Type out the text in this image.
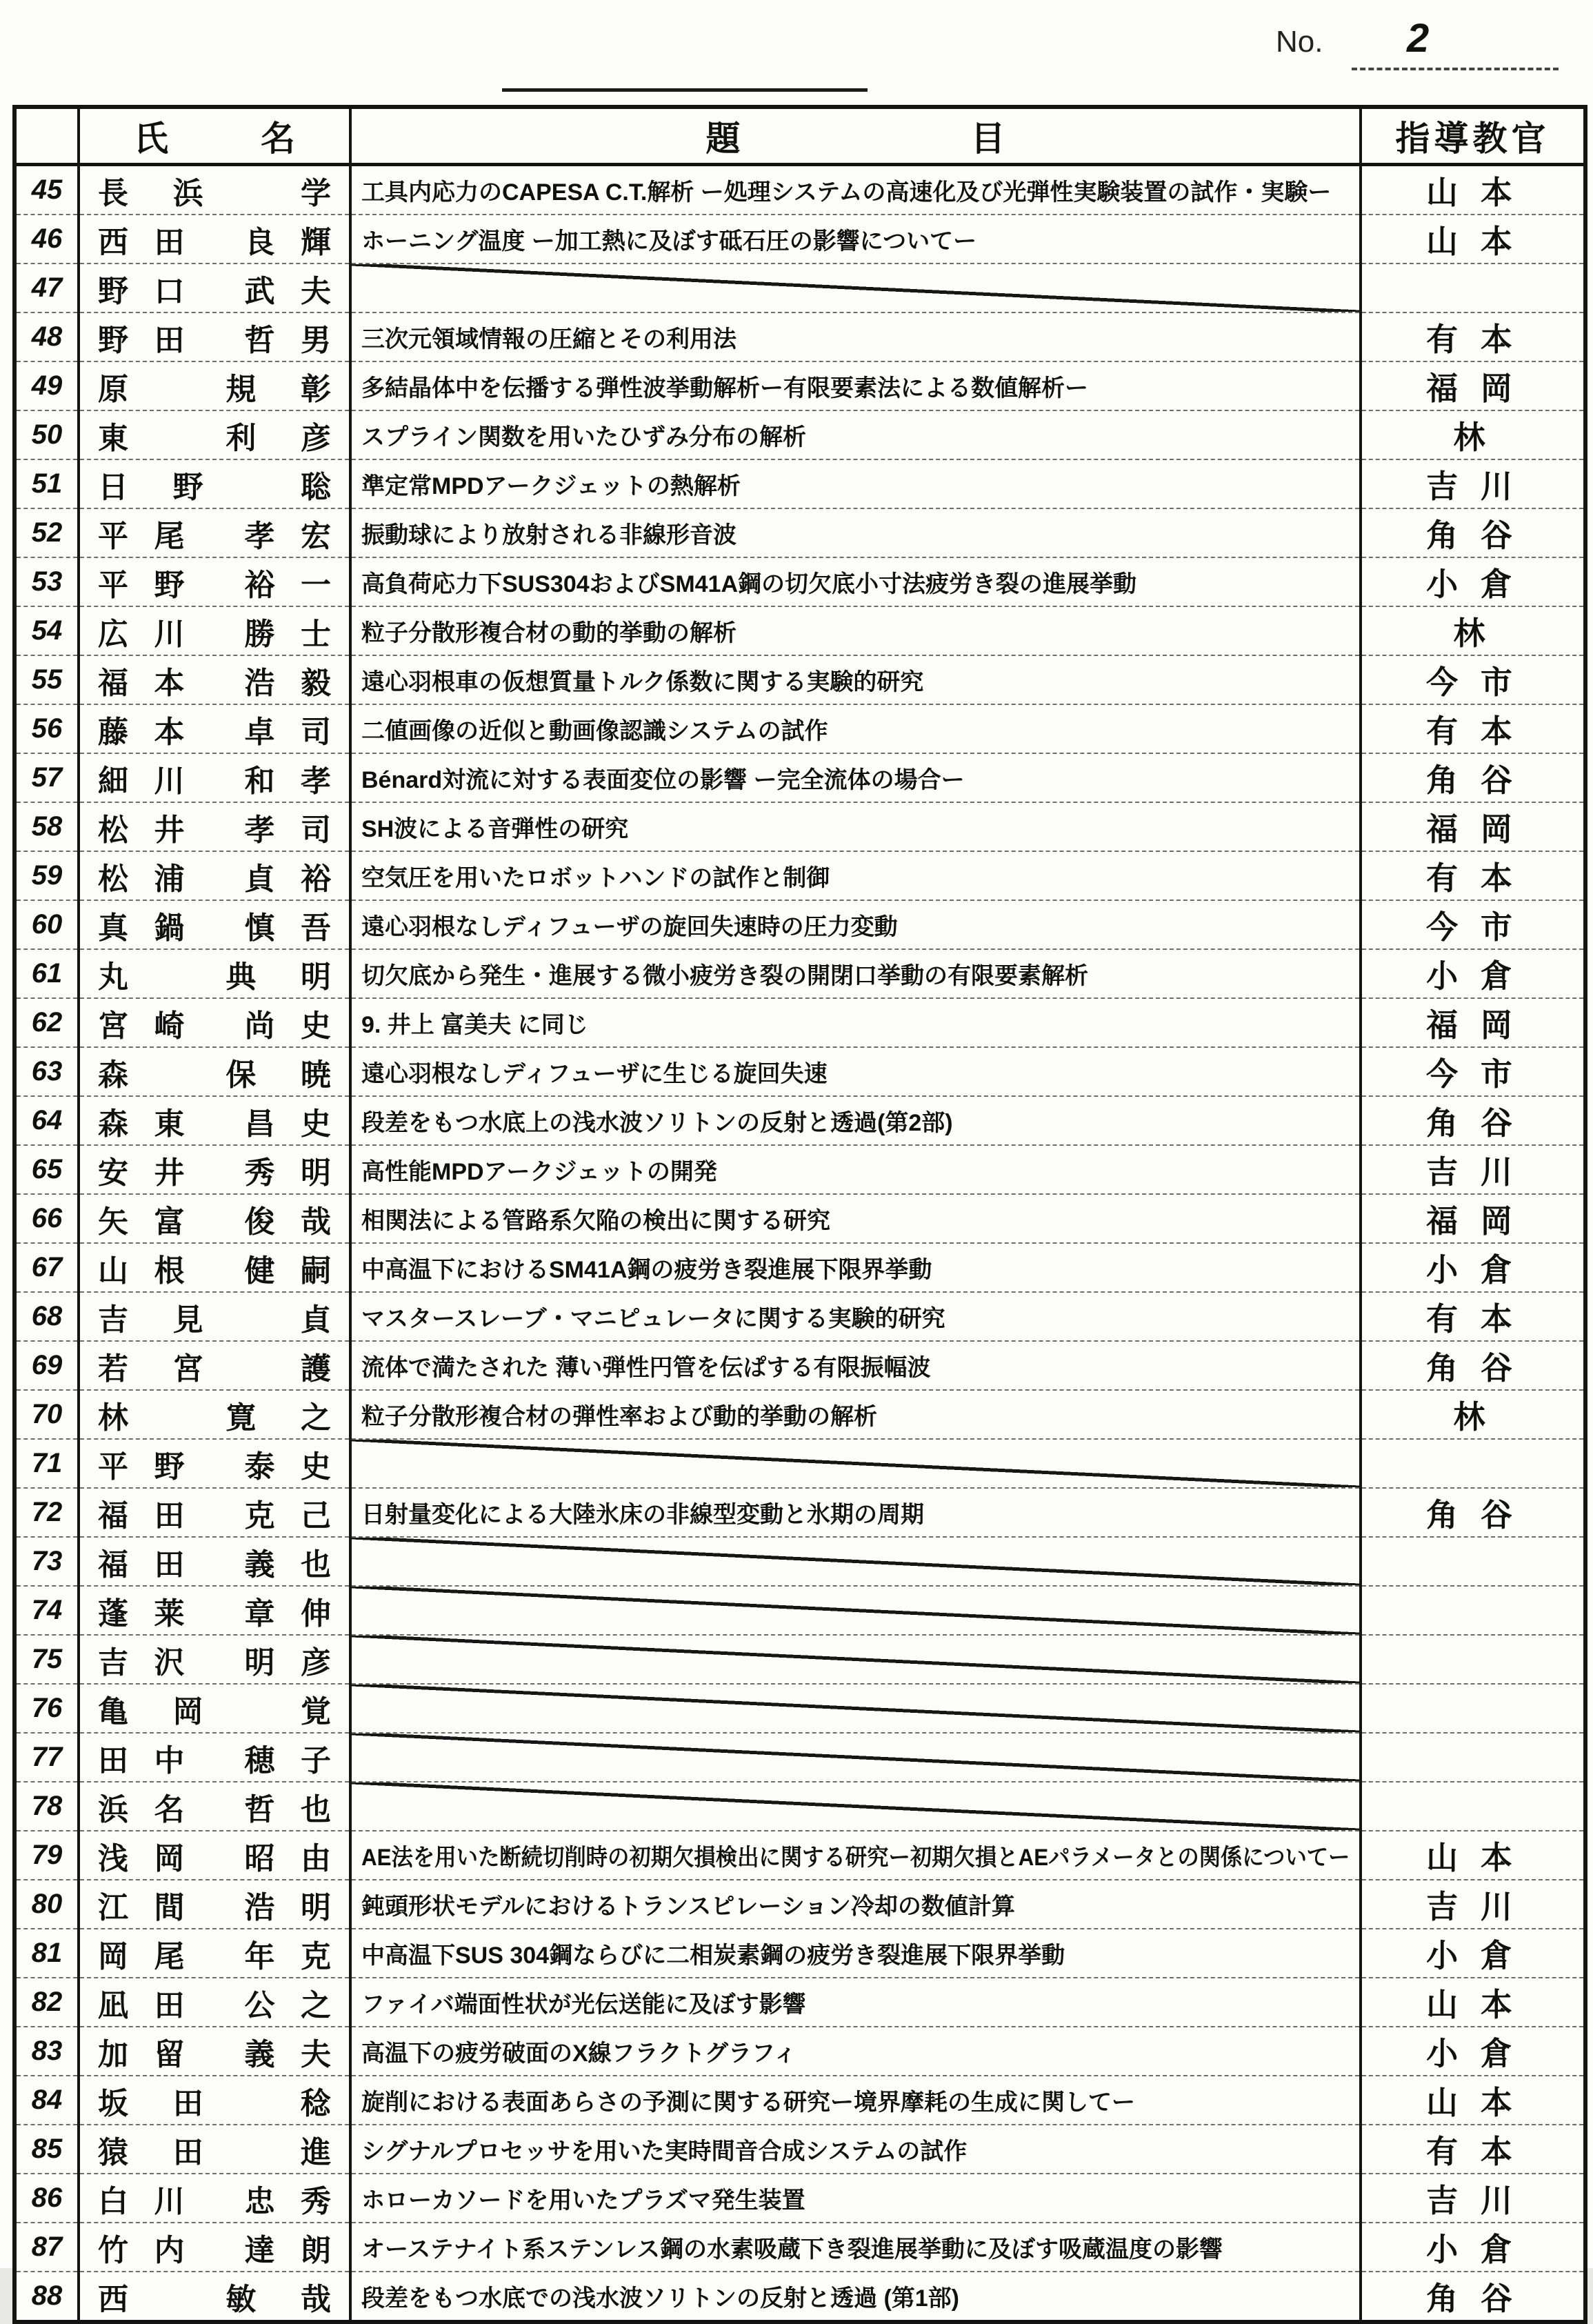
No. 2
	氏 名	題 目	指導教官
45	長浜 学	工具内応力のCAPESA C.T.解析 ー処理システムの高速化及び光弾性実験装置の試作・実験ー	山 本
46	西田 良輝	ホーニング温度 ー加工熱に及ぼす砥石圧の影響についてー	山 本
47	野口 武夫		
48	野田 哲男	三次元領域情報の圧縮とその利用法	有 本
49	原 規彰	多結晶体中を伝播する弾性波挙動解析ー有限要素法による数値解析ー	福 岡
50	東 利彦	スプライン関数を用いたひずみ分布の解析	林
51	日野 聡	準定常MPDアークジェットの熱解析	吉 川
52	平尾 孝宏	振動球により放射される非線形音波	角 谷
53	平野 裕一	高負荷応力下SUS304およびSM41A鋼の切欠底小寸法疲労き裂の進展挙動	小 倉
54	広川 勝士	粒子分散形複合材の動的挙動の解析	林
55	福本 浩毅	遠心羽根車の仮想質量トルク係数に関する実験的研究	今 市
56	藤本 卓司	二値画像の近似と動画像認識システムの試作	有 本
57	細川 和孝	Bénard対流に対する表面変位の影響 ー完全流体の場合ー	角 谷
58	松井 孝司	SH波による音弾性の研究	福 岡
59	松浦 貞裕	空気圧を用いたロボットハンドの試作と制御	有 本
60	真鍋 慎吾	遠心羽根なしディフューザの旋回失速時の圧力変動	今 市
61	丸 典明	切欠底から発生・進展する微小疲労き裂の開閉口挙動の有限要素解析	小 倉
62	宮崎 尚史	9. 井上 富美夫 に同じ	福 岡
63	森 保暁	遠心羽根なしディフューザに生じる旋回失速	今 市
64	森東 昌史	段差をもつ水底上の浅水波ソリトンの反射と透過(第2部)	角 谷
65	安井 秀明	高性能MPDアークジェットの開発	吉 川
66	矢富 俊哉	相関法による管路系欠陥の検出に関する研究	福 岡
67	山根 健嗣	中高温下におけるSM41A鋼の疲労き裂進展下限界挙動	小 倉
68	吉見 貞	マスタースレーブ・マニピュレータに関する実験的研究	有 本
69	若宮 護	流体で満たされた 薄い弾性円管を伝ぱする有限振幅波	角 谷
70	林 寛之	粒子分散形複合材の弾性率および動的挙動の解析	林
71	平野 泰史		
72	福田 克己	日射量変化による大陸氷床の非線型変動と氷期の周期	角 谷
73	福田 義也		
74	蓬莱 章伸		
75	吉沢 明彦		
76	亀岡 覚		
77	田中 穂子		
78	浜名 哲也		
79	浅岡 昭由	AE法を用いた断続切削時の初期欠損検出に関する研究ー初期欠損とAEパラメータとの関係についてー	山 本
80	江間 浩明	鈍頭形状モデルにおけるトランスピレーション冷却の数値計算	吉 川
81	岡尾 年克	中高温下SUS 304鋼ならびに二相炭素鋼の疲労き裂進展下限界挙動	小 倉
82	凪田 公之	ファイバ端面性状が光伝送能に及ぼす影響	山 本
83	加留 義夫	高温下の疲労破面のX線フラクトグラフィ	小 倉
84	坂田 稔	旋削における表面あらさの予測に関する研究ー境界摩耗の生成に関してー	山 本
85	猿田 進	シグナルプロセッサを用いた実時間音合成システムの試作	有 本
86	白川 忠秀	ホローカソードを用いたプラズマ発生装置	吉 川
87	竹内 達朗	オーステナイト系ステンレス鋼の水素吸蔵下き裂進展挙動に及ぼす吸蔵温度の影響	小 倉
88	西 敏哉	段差をもつ水底での浅水波ソリトンの反射と透過 (第1部)	角 谷
